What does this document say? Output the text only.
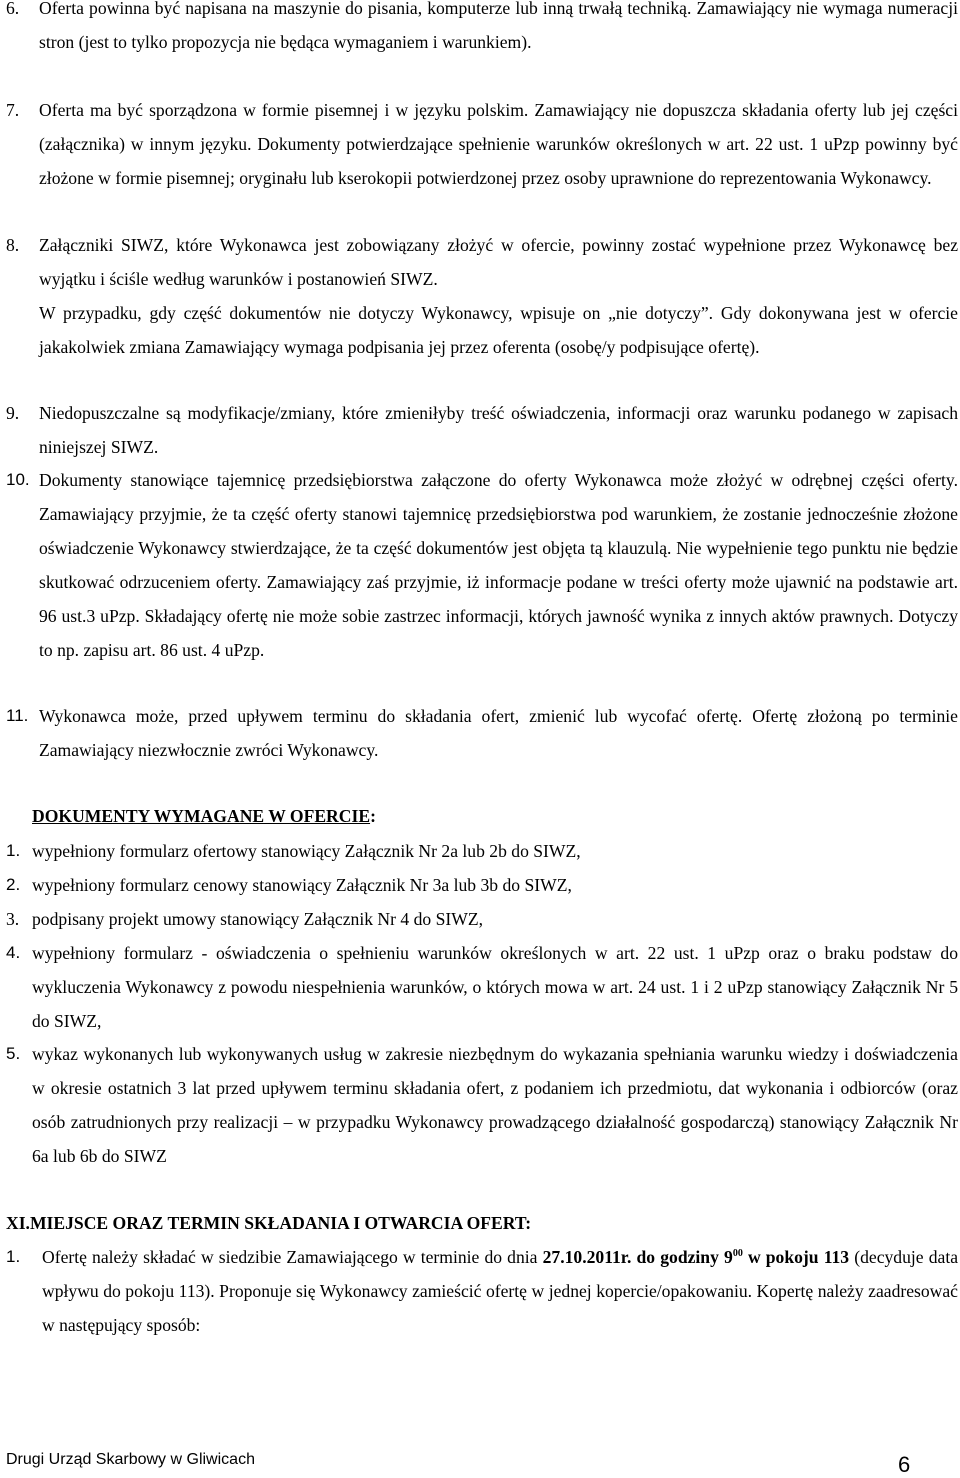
6. Oferta powinna być napisana na maszynie do pisania, komputerze lub inną trwałą techniką. Zamawiający nie wymaga numeracji stron (jest to tylko propozycja nie będąca wymaganiem i warunkiem).
7. Oferta ma być sporządzona w formie pisemnej i w języku polskim. Zamawiający nie dopuszcza składania oferty lub jej części (załącznika) w innym języku. Dokumenty potwierdzające spełnienie warunków określonych w art. 22 ust. 1 uPzp powinny być złożone w formie pisemnej; oryginału lub kserokopii potwierdzonej przez osoby uprawnione do reprezentowania Wykonawcy.
8. Załączniki SIWZ, które Wykonawca jest zobowiązany złożyć w ofercie, powinny zostać wypełnione przez Wykonawcę bez wyjątku i ściśle według warunków i postanowień SIWZ.

W przypadku, gdy część dokumentów nie dotyczy Wykonawcy, wpisuje on „nie dotyczy”. Gdy dokonywana jest w ofercie jakakolwiek zmiana Zamawiający wymaga podpisania jej przez oferenta (osobę/y podpisujące ofertę).

9. Niedopuszczalne są modyfikacje/zmiany, które zmieniłyby treść oświadczenia, informacji oraz warunku podanego w zapisach niniejszej SIWZ.
10. Dokumenty stanowiące tajemnicę przedsiębiorstwa załączone do oferty Wykonawca może złożyć w odrębnej części oferty. Zamawiający przyjmie, że ta część oferty stanowi tajemnicę przedsiębiorstwa pod warunkiem, że zostanie jednocześnie złożone oświadczenie Wykonawcy stwierdzające, że ta część dokumentów jest objęta tą klauzulą. Nie wypełnienie tego punktu nie będzie skutkować odrzuceniem oferty. Zamawiający zaś przyjmie, iż informacje podane w treści oferty może ujawnić na podstawie art. 96 ust.3 uPzp. Składający ofertę nie może sobie zastrzec informacji, których jawność wynika z innych aktów prawnych. Dotyczy to np. zapisu art. 86 ust. 4 uPzp.
11. Wykonawca może, przed upływem terminu do składania ofert, zmienić lub wycofać ofertę. Ofertę złożoną po terminie Zamawiający niezwłocznie zwróci Wykonawcy.
DOKUMENTY WYMAGANE W OFERCIE:
1. wypełniony formularz ofertowy stanowiący Załącznik Nr 2a lub 2b do SIWZ,
2. wypełniony formularz cenowy stanowiący Załącznik Nr 3a lub 3b do SIWZ,
3. podpisany projekt umowy stanowiący Załącznik Nr 4 do SIWZ,
4. wypełniony formularz - oświadczenia o spełnieniu warunków określonych w art. 22 ust. 1 uPzp oraz o braku podstaw do wykluczenia Wykonawcy z powodu niespełnienia warunków, o których mowa w art. 24 ust. 1 i 2 uPzp stanowiący Załącznik Nr 5 do SIWZ,
5. wykaz wykonanych lub wykonywanych usług w zakresie niezbędnym do wykazania spełniania warunku wiedzy i doświadczenia w okresie ostatnich 3 lat przed upływem terminu składania ofert, z podaniem ich przedmiotu, dat wykonania i odbiorców (oraz osób zatrudnionych przy realizacji – w przypadku Wykonawcy prowadzącego działalność gospodarczą) stanowiący Załącznik Nr 6a lub 6b do SIWZ
XI.MIEJSCE ORAZ TERMIN SKŁADANIA I OTWARCIA OFERT:
1. Ofertę należy składać w siedzibie Zamawiającego w terminie do dnia 27.10.2011r. do godziny $9^{00}$ w pokoju 113 (decyduje data wpływu do pokoju 113). Proponuje się Wykonawcy zamieścić ofertę w jednej kopercie/opakowaniu. Kopertę należy zaadresować w następujący sposób:
Drugi Urząd Skarbowy w Gliwicach	6
